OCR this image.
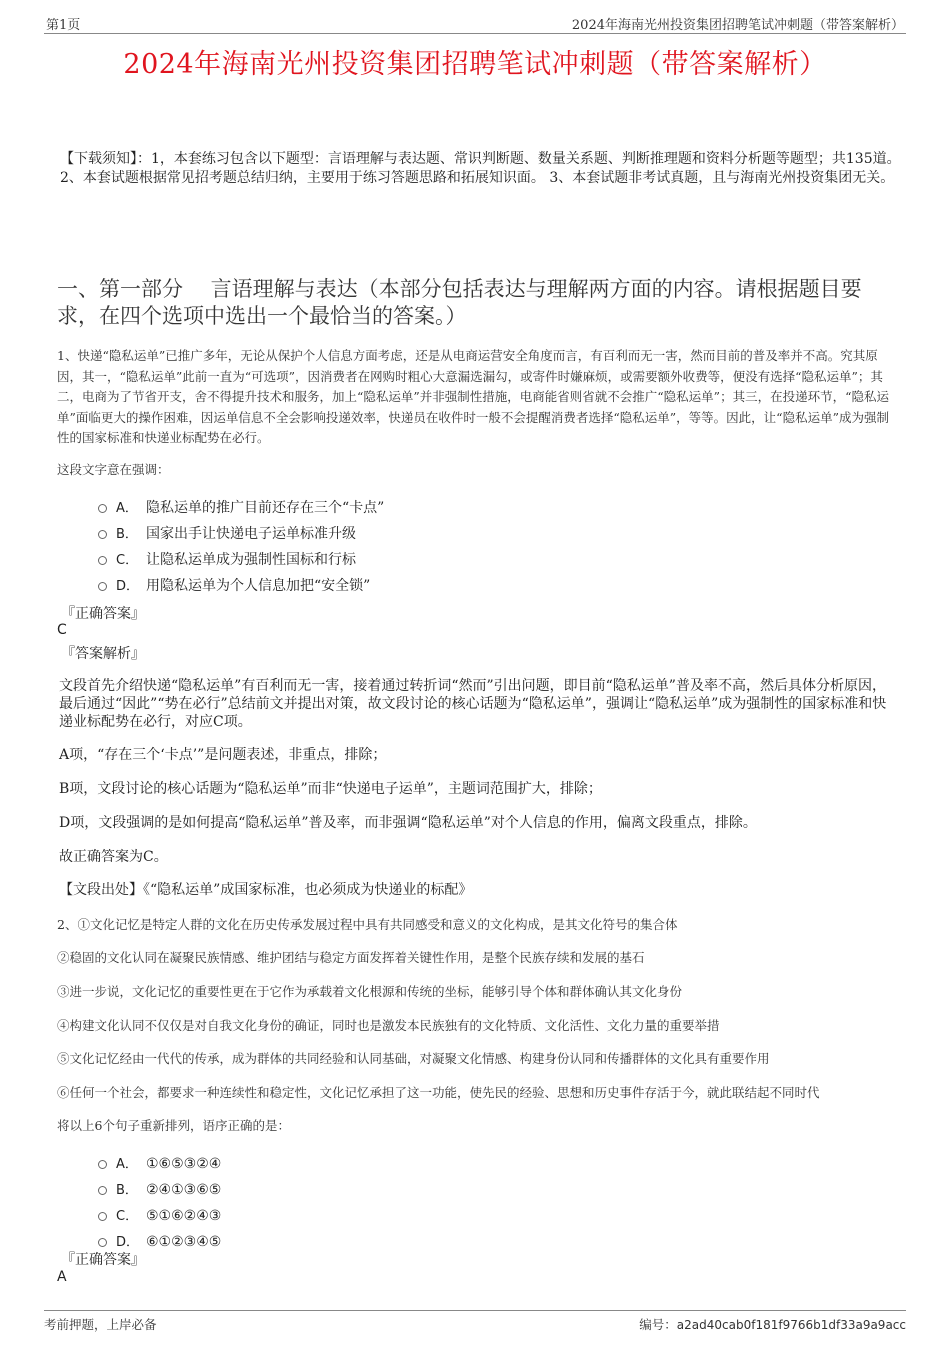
第1页	2024年海南光州投资集团招聘笔试冲刺题（带答案解析）
2024年海南光州投资集团招聘笔试冲刺题（带答案解析）
【下载须知】：1，本套练习包含以下题型：言语理解与表达题、常识判断题、数量关系题、判断推理题和资料分析题等题型；共135道。 2、本套试题根据常见招考题总结归纳，主要用于练习答题思路和拓展知识面。 3、本套试题非考试真题，且与海南光州投资集团无关。
一、第一部分　 言语理解与表达（本部分包括表达与理解两方面的内容。请根据题目要求，在四个选项中选出一个最恰当的答案。）
1、快递“隐私运单”已推广多年，无论从保护个人信息方面考虑，还是从电商运营安全角度而言，有百利而无一害，然而目前的普及率并不高。究其原因，其一，“隐私运单”此前一直为“可选项”，因消费者在网购时粗心大意漏选漏勾，或寄件时嫌麻烦，或需要额外收费等，便没有选择“隐私运单”；其二，电商为了节省开支，舍不得提升技术和服务，加上“隐私运单”并非强制性措施，电商能省则省就不会推广“隐私运单”；其三，在投递环节，“隐私运单”面临更大的操作困难，因运单信息不全会影响投递效率，快递员在收件时一般不会提醒消费者选择“隐私运单”，等等。因此，让“隐私运单”成为强制性的国家标准和快递业标配势在必行。
这段文字意在强调：
A． 隐私运单的推广目前还存在三个“卡点”
B． 国家出手让快递电子运单标准升级
C． 让隐私运单成为强制性国标和行标
D． 用隐私运单为个人信息加把“安全锁”
『正确答案』
C
『答案解析』
文段首先介绍快递“隐私运单”有百利而无一害，接着通过转折词“然而”引出问题，即目前“隐私运单”普及率不高，然后具体分析原因，最后通过“因此”“势在必行”总结前文并提出对策，故文段讨论的核心话题为“隐私运单”，强调让“隐私运单”成为强制性的国家标准和快递业标配势在必行，对应C项。
A项，“存在三个‘卡点’”是问题表述，非重点，排除；
B项，文段讨论的核心话题为“隐私运单”而非“快递电子运单”，主题词范围扩大，排除；
D项，文段强调的是如何提高“隐私运单”普及率，而非强调“隐私运单”对个人信息的作用，偏离文段重点，排除。
故正确答案为C。
【文段出处】《“隐私运单”成国家标准，也必须成为快递业的标配》
2、①文化记忆是特定人群的文化在历史传承发展过程中具有共同感受和意义的文化构成，是其文化符号的集合体
②稳固的文化认同在凝聚民族情感、维护团结与稳定方面发挥着关键性作用，是整个民族存续和发展的基石
③进一步说，文化记忆的重要性更在于它作为承载着文化根源和传统的坐标，能够引导个体和群体确认其文化身份
④构建文化认同不仅仅是对自我文化身份的确证，同时也是激发本民族独有的文化特质、文化活性、文化力量的重要举措
⑤文化记忆经由一代代的传承，成为群体的共同经验和认同基础，对凝聚文化情感、构建身份认同和传播群体的文化具有重要作用
⑥任何一个社会，都要求一种连续性和稳定性，文化记忆承担了这一功能，使先民的经验、思想和历史事件存活于今，就此联结起不同时代
将以上6个句子重新排列，语序正确的是：
A． ①⑥⑤③②④
B． ②④①③⑥⑤
C． ⑤①⑥②④③
D． ⑥①②③④⑤
『正确答案』
A
考前押题，上岸必备	编号：a2ad40cab0f181f9766b1df33a9a9acc
